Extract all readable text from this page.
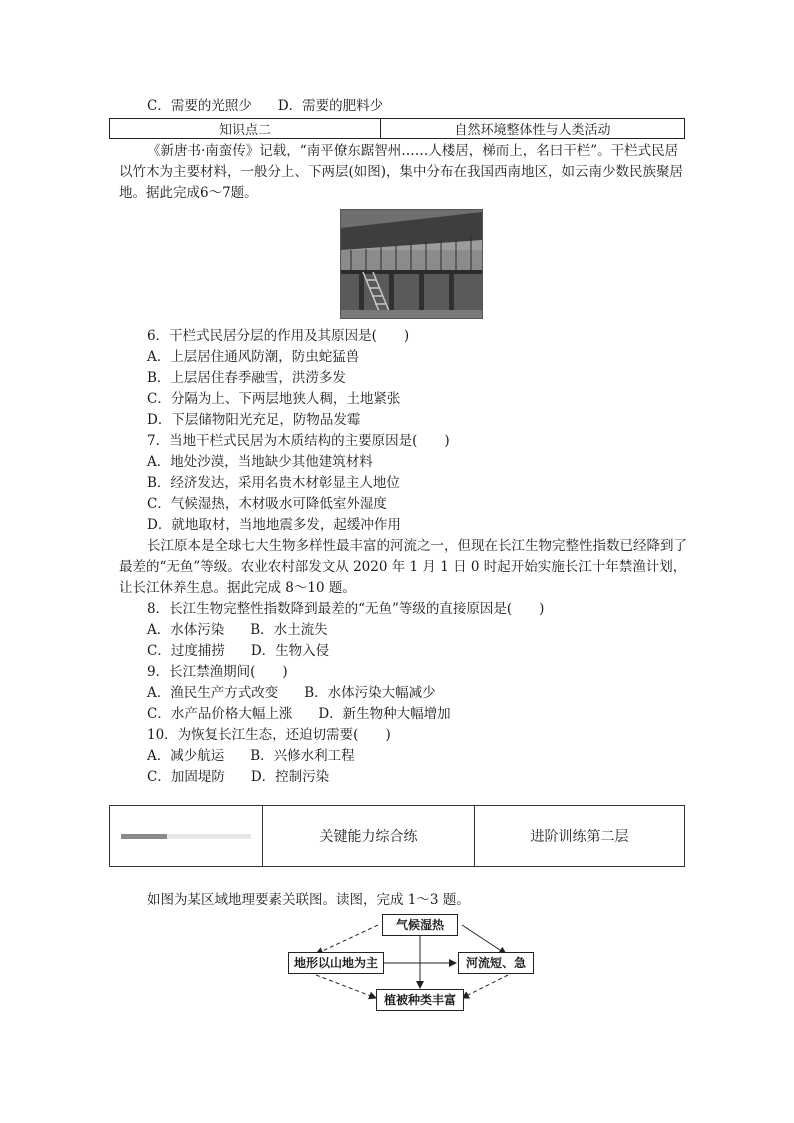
C．需要的光照少 D．需要的肥料少
知识点二	自然环境整体性与人类活动
《新唐书·南蛮传》记载，“南平僚东踞智州……人楼居，梯而上，名曰干栏”。干栏式民居以竹木为主要材料，一般分上、下两层(如图)，集中分布在我国西南地区，如云南少数民族聚居地。据此完成6～7题。
6．干栏式民居分层的作用及其原因是(　　)
A．上层居住通风防潮，防虫蛇猛兽
B．上层居住春季融雪，洪涝多发
C．分隔为上、下两层地狭人稠，土地紧张
D．下层储物阳光充足，防物品发霉
7．当地干栏式民居为木质结构的主要原因是(　　)
A．地处沙漠，当地缺少其他建筑材料
B．经济发达，采用名贵木材彰显主人地位
C．气候湿热，木材吸水可降低室外湿度
D．就地取材，当地地震多发，起缓冲作用
长江原本是全球七大生物多样性最丰富的河流之一，但现在长江生物完整性指数已经降到了最差的“无鱼”等级。农业农村部发文从 2020 年 1 月 1 日 0 时起开始实施长江十年禁渔计划，让长江休养生息。据此完成 8～10 题。
8．长江生物完整性指数降到最差的“无鱼”等级的直接原因是(　　)
A．水体污染 B．水土流失
C．过度捕捞 D．生物入侵
9．长江禁渔期间(　　)
A．渔民生产方式改变 B．水体污染大幅减少
C．水产品价格大幅上涨 D．新生物种大幅增加
10．为恢复长江生态，还迫切需要(　　)
A．减少航运 B．兴修水利工程
C．加固堤防 D．控制污染
	关键能力综合练	进阶训练第二层
如图为某区域地理要素关联图。读图，完成 1～3 题。
气候湿热
地形以山地为主	河流短、急
植被种类丰富
